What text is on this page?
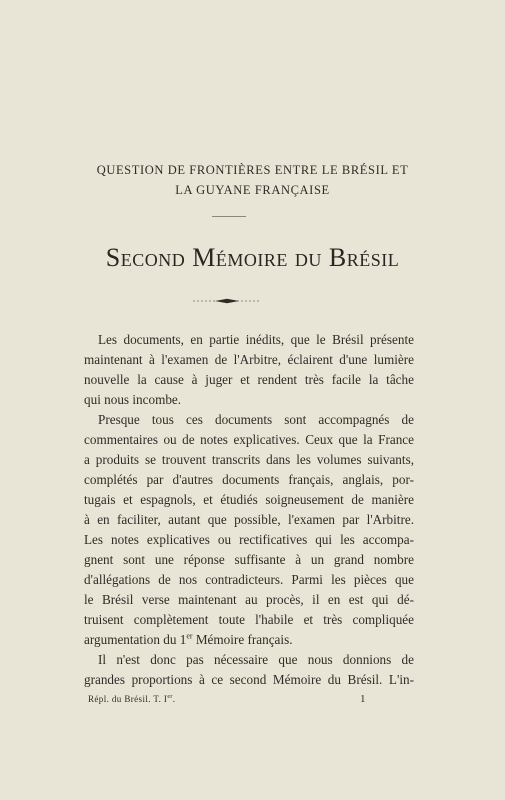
QUESTION DE FRONTIÈRES ENTRE LE BRÉSIL ET
LA GUYANE FRANÇAISE
Second Mémoire du Brésil
Les documents, en partie inédits, que le Brésil présente
maintenant à l'examen de l'Arbitre, éclairent d'une lumière
nouvelle la cause à juger et rendent très facile la tâche
qui nous incombe.
Presque tous ces documents sont accompagnés de
commentaires ou de notes explicatives. Ceux que la France
a produits se trouvent transcrits dans les volumes suivants,
complétés par d'autres documents français, anglais, por-
tugais et espagnols, et étudiés soigneusement de manière
à en faciliter, autant que possible, l'examen par l'Arbitre.
Les notes explicatives ou rectificatives qui les accompa-
gnent sont une réponse suffisante à un grand nombre
d'allégations de nos contradicteurs. Parmi les pièces que
le Brésil verse maintenant au procès, il en est qui dé-
truisent complètement toute l'habile et très compliquée
argumentation du 1er Mémoire français.
Il n'est donc pas nécessaire que nous donnions de
grandes proportions à ce second Mémoire du Brésil. L'in-
Répl. du Brésil. T. Ier.	1
